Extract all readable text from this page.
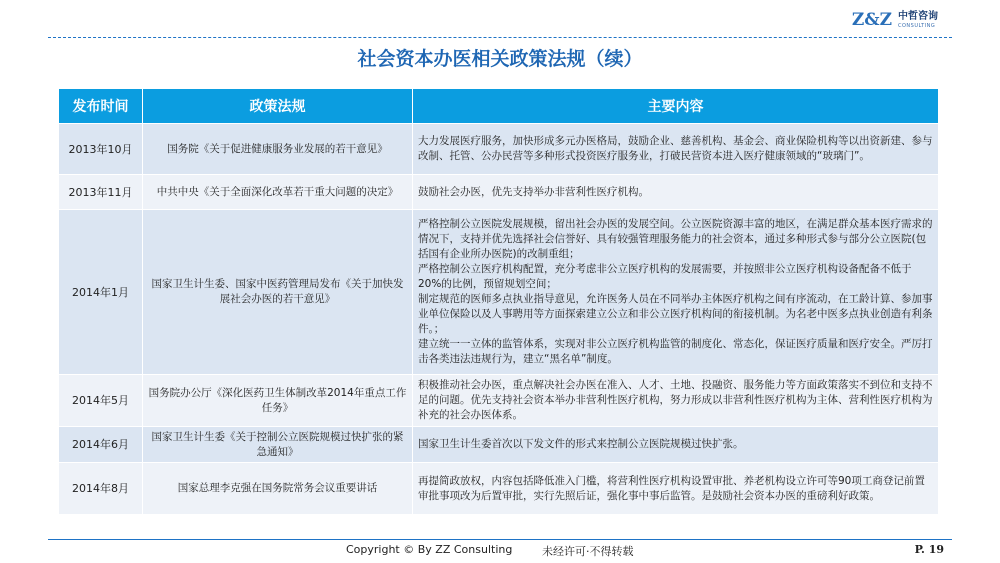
Z&Z 中哲咨询
CONSULTING
社会资本办医相关政策法规（续）
发布时间	政策法规	主要内容
2013年10月	国务院《关于促进健康服务业发展的若干意见》	大力发展医疗服务，加快形成多元办医格局，鼓励企业、慈善机构、基金会、商业保险机构等以出资新建、参与改制、托管、公办民营等多种形式投资医疗服务业，打破民营资本进入医疗健康领域的“玻璃门”。

2013年11月	中共中央《关于全面深化改革若干重大问题的决定》	鼓励社会办医，优先支持举办非营利性医疗机构。

2014年1月	国家卫生计生委、国家中医药管理局发布《关于加快发展社会办医的若干意见》	严格控制公立医院发展规模，留出社会办医的发展空间。公立医院资源丰富的地区，在满足群众基本医疗需求的情况下，支持并优先选择社会信誉好、具有较强管理服务能力的社会资本，通过多种形式参与部分公立医院(包括国有企业所办医院)的改制重组；
严格控制公立医疗机构配置，充分考虑非公立医疗机构的发展需要，并按照非公立医疗机构设备配备不低于20%的比例，预留规划空间；
制定规范的医师多点执业指导意见，允许医务人员在不同举办主体医疗机构之间有序流动，在工龄计算、参加事业单位保险以及人事聘用等方面探索建立公立和非公立医疗机构间的衔接机制。为名老中医多点执业创造有利条件。；
建立统一一立体的监管体系，实现对非公立医疗机构监管的制度化、常态化，保证医疗质量和医疗安全。严厉打击各类违法违规行为，建立“黑名单”制度。

2014年5月	国务院办公厅《深化医药卫生体制改革2014年重点工作任务》	积极推动社会办医，重点解决社会办医在准入、人才、土地、投融资、服务能力等方面政策落实不到位和支持不足的问题。优先支持社会资本举办非营利性医疗机构，努力形成以非营利性医疗机构为主体、营利性医疗机构为补充的社会办医体系。

2014年6月	国家卫生计生委《关于控制公立医院规模过快扩张的紧急通知》	国家卫生计生委首次以下发文件的形式来控制公立医院规模过快扩张。

2014年8月	国家总理李克强在国务院常务会议重要讲话	再提简政放权，内容包括降低准入门槛，将营利性医疗机构设置审批、养老机构设立许可等90项工商登记前置审批事项改为后置审批，实行先照后证，强化事中事后监管。是鼓励社会资本办医的重磅利好政策。
Copyright © By ZZ Consulting	未经许可·不得转载	P. 19
